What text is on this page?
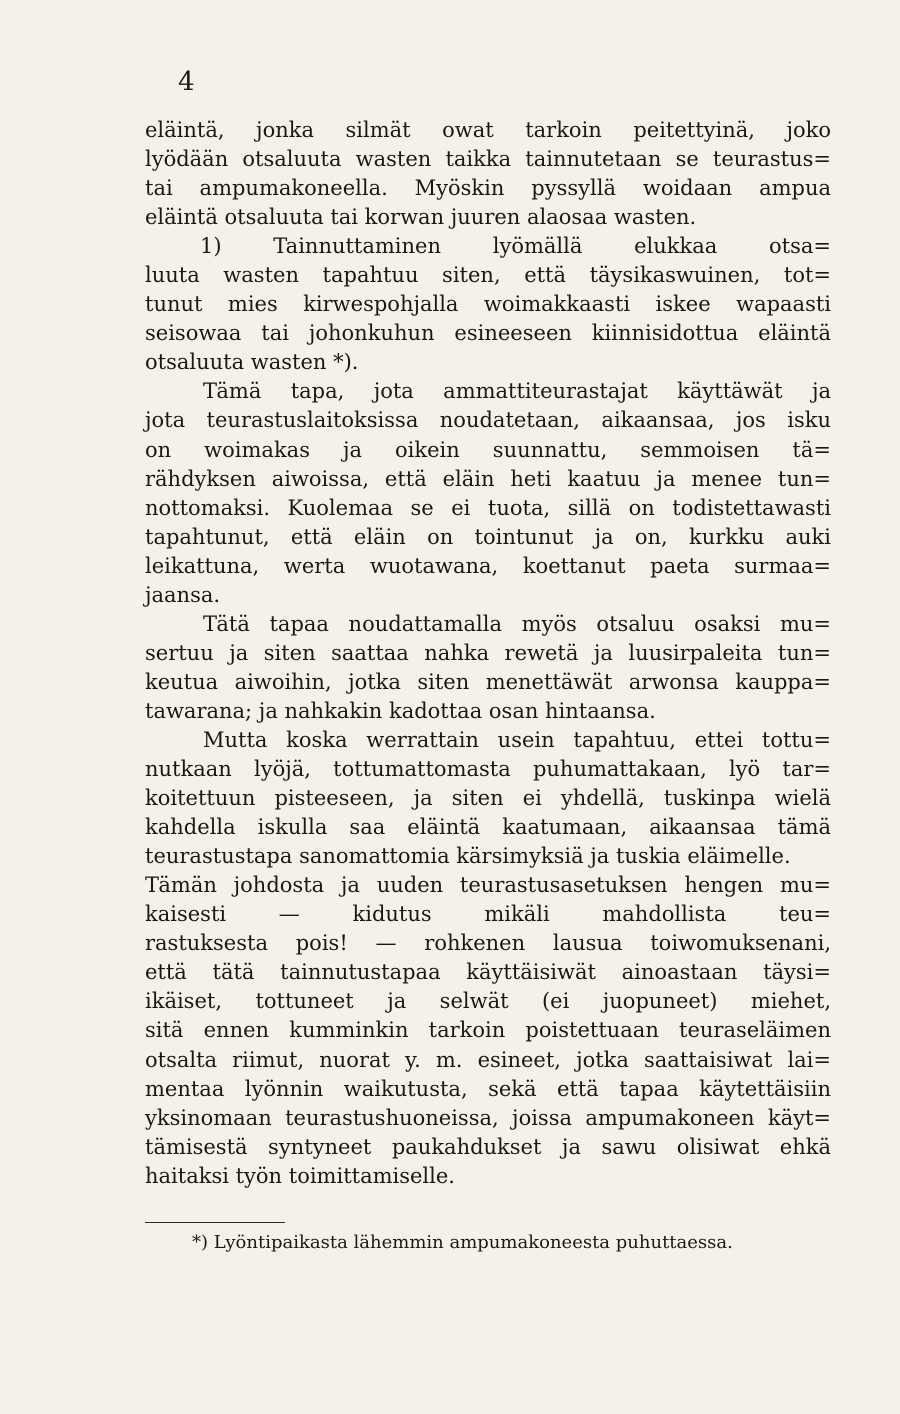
4
eläintä, jonka silmät owat tarkoin peitettyinä, joko
lyödään otsaluuta wasten taikka tainnutetaan se teurastus=
tai ampumakoneella. Myöskin pyssyllä woidaan ampua
eläintä otsaluuta tai korwan juuren alaosaa wasten.
1) Tainnuttaminen lyömällä elukkaa otsa=
luuta wasten tapahtuu siten, että täysikaswuinen, tot=
tunut mies kirwespohjalla woimakkaasti iskee wapaasti
seisowaa tai johonkuhun esineeseen kiinnisidottua eläintä
otsaluuta wasten *).
Tämä tapa, jota ammattiteurastajat käyttäwät ja
jota teurastuslaitoksissa noudatetaan, aikaansaa, jos isku
on woimakas ja oikein suunnattu, semmoisen tä=
rähdyksen aiwoissa, että eläin heti kaatuu ja menee tun=
nottomaksi. Kuolemaa se ei tuota, sillä on todistettawasti
tapahtunut, että eläin on tointunut ja on, kurkku auki
leikattuna, werta wuotawana, koettanut paeta surmaa=
jaansa.
Tätä tapaa noudattamalla myös otsaluu osaksi mu=
sertuu ja siten saattaa nahka rewetä ja luusirpaleita tun=
keutua aiwoihin, jotka siten menettäwät arwonsa kauppa=
tawarana; ja nahkakin kadottaa osan hintaansa.
Mutta koska werrattain usein tapahtuu, ettei tottu=
nutkaan lyöjä, tottumattomasta puhumattakaan, lyö tar=
koitettuun pisteeseen, ja siten ei yhdellä, tuskinpa wielä
kahdella iskulla saa eläintä kaatumaan, aikaansaa tämä
teurastustapa sanomattomia kärsimyksiä ja tuskia eläimelle.
Tämän johdosta ja uuden teurastusasetuksen hengen mu=
kaisesti — kidutus mikäli mahdollista teu=
rastuksesta pois! — rohkenen lausua toiwomuksenani,
että tätä tainnutustapaa käyttäisiwät ainoastaan täysi=
ikäiset, tottuneet ja selwät (ei juopuneet) miehet,
sitä ennen kumminkin tarkoin poistettuaan teuraseläimen
otsalta riimut, nuorat y. m. esineet, jotka saattaisiwat lai=
mentaa lyönnin waikutusta, sekä että tapaa käytettäisiin
yksinomaan teurastushuoneissa, joissa ampumakoneen käyt=
tämisestä syntyneet paukahdukset ja sawu olisiwat ehkä
haitaksi työn toimittamiselle.
*) Lyöntipaikasta lähemmin ampumakoneesta puhuttaessa.
